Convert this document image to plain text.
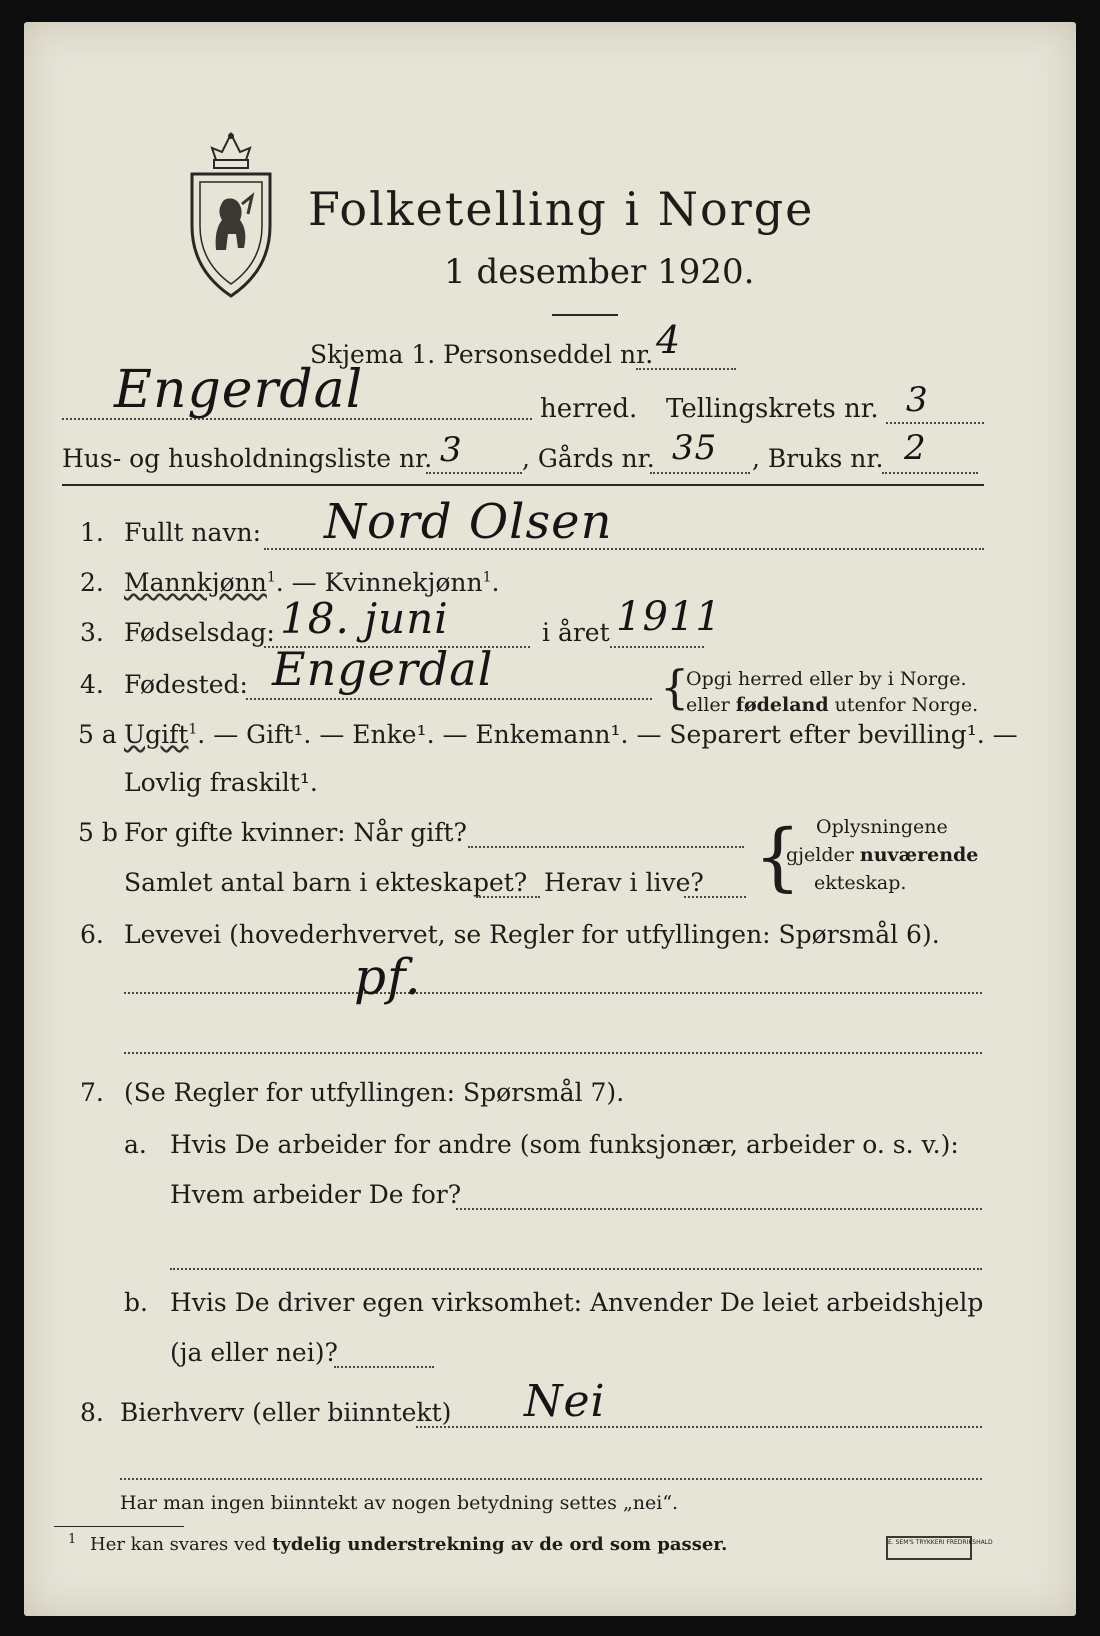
Folketelling i Norge
1 desember 1920.
Skjema 1. Personseddel nr. 4
Engerdal	herred. Tellingskrets nr. 3
Hus- og husholdningsliste nr. 3 , Gårds nr. 35 , Bruks nr. 2
1. Fullt navn: Nord Olsen
2. Mannkjønn$^1$. — Kvinnekjønn$^1$.
3. Fødselsdag: 18. juni	i året 1911
4. Fødested: Engerdal	{
Opgi herred eller by i Norge.
eller fødeland utenfor Norge.
5 a Ugift$^1$. — Gift¹. — Enke¹. — Enkemann¹. — Separert efter bevilling¹. —
Lovlig fraskilt¹.
5 b For gifte kvinner: Når gift?
Samlet antal barn i ekteskapet? Herav i live? { Oplysningene
gjelder nuværende
ekteskap.
6. Levevei (hovederhvervet, se Regler for utfyllingen: Spørsmål 6).
pf.
7. (Se Regler for utfyllingen: Spørsmål 7).
a. Hvis De arbeider for andre (som funksjonær, arbeider o. s. v.):
Hvem arbeider De for?
b. Hvis De driver egen virksomhet: Anvender De leiet arbeidshjelp
(ja eller nei)?
8. Bierhverv (eller biinntekt) Nei
Har man ingen biinntekt av nogen betydning settes „nei“.
1 Her kan svares ved tydelig understrekning av de ord som passer.	E. SEM'S TRYKKERI FREDRIKSHALD
